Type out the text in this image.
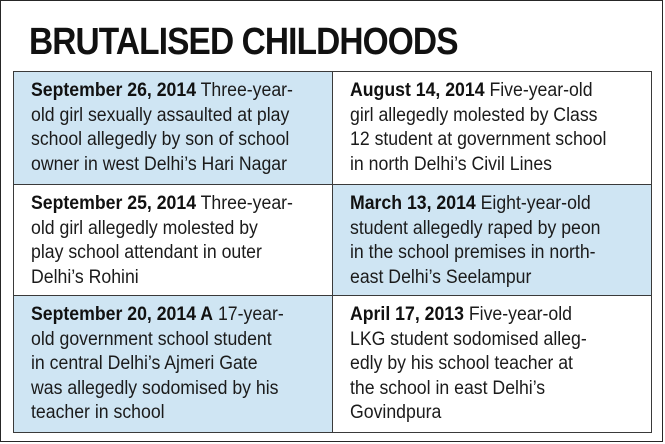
BRUTALISED CHILDHOODS
September 26, 2014 Three-year-
old girl sexually assaulted at play
school allegedly by son of school
owner in west Delhi’s Hari Nagar
August 14, 2014 Five-year-old
girl allegedly molested by Class
12 student at government school
in north Delhi’s Civil Lines
September 25, 2014 Three-year-
old girl allegedly molested by
play school attendant in outer
Delhi’s Rohini
March 13, 2014 Eight-year-old
student allegedly raped by peon
in the school premises in north-
east Delhi’s Seelampur
September 20, 2014 A 17-year-
old government school student
in central Delhi’s Ajmeri Gate
was allegedly sodomised by his
teacher in school
April 17, 2013 Five-year-old
LKG student sodomised alleg-
edly by his school teacher at
the school in east Delhi’s
Govindpura
